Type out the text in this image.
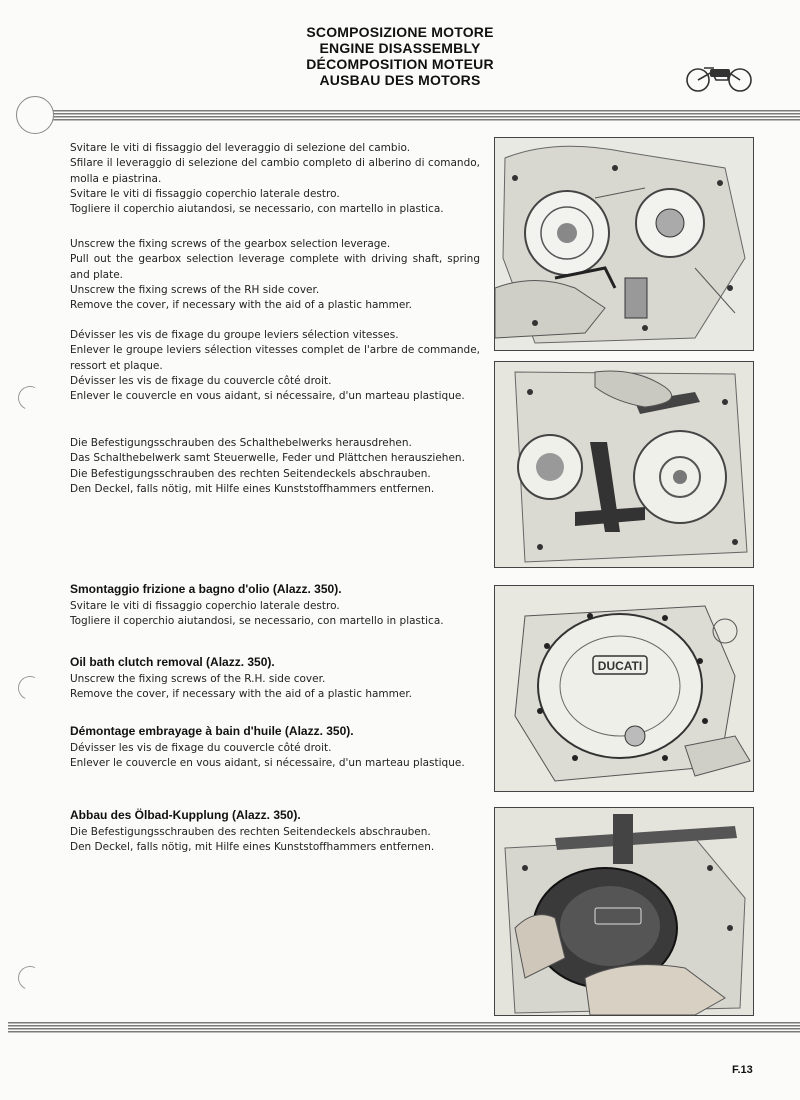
SCOMPOSIZIONE MOTORE
ENGINE DISASSEMBLY
DÉCOMPOSITION MOTEUR
AUSBAU DES MOTORS

Svitare le viti di fissaggio del leveraggio di selezione del cambio.

Sfilare il leveraggio di selezione del cambio completo di alberino di comando, molla e piastrina.

Svitare le viti di fissaggio coperchio laterale destro.

Togliere il coperchio aiutandosi, se necessario, con martello in plastica.

Unscrew the fixing screws of the gearbox selection leverage.

Pull out the gearbox selection leverage complete with driving shaft, spring and plate.

Unscrew the fixing screws of the RH side cover.

Remove the cover, if necessary with the aid of a plastic hammer.

Dévisser les vis de fixage du groupe leviers sélection vitesses.

Enlever le groupe leviers sélection vitesses complet de l'arbre de commande, ressort et plaque.

Dévisser les vis de fixage du couvercle côté droit.

Enlever le couvercle en vous aidant, si nécessaire, d'un marteau plastique.

Die Befestigungsschrauben des Schalthebelwerks herausdrehen.

Das Schalthebelwerk samt Steuerwelle, Feder und Plättchen herausziehen.

Die Befestigungsschrauben des rechten Seitendeckels abschrauben.

Den Deckel, falls nötig, mit Hilfe eines Kunststoffhammers entfernen.

Smontaggio frizione a bagno d'olio (Alazz. 350).

Svitare le viti di fissaggio coperchio laterale destro.

Togliere il coperchio aiutandosi, se necessario, con martello in plastica.

Oil bath clutch removal (Alazz. 350).

Unscrew the fixing screws of the R.H. side cover.

Remove the cover, if necessary with the aid of a plastic hammer.

Démontage embrayage à bain d'huile (Alazz. 350).

Dévisser les vis de fixage du couvercle côté droit.

Enlever le couvercle en vous aidant, si nécessaire, d'un marteau plastique.

Abbau des Ölbad-Kupplung (Alazz. 350).

Die Befestigungsschrauben des rechten Seitendeckels abschrauben.

Den Deckel, falls nötig, mit Hilfe eines Kunststoffhammers entfernen.

DUCATI
F.13
